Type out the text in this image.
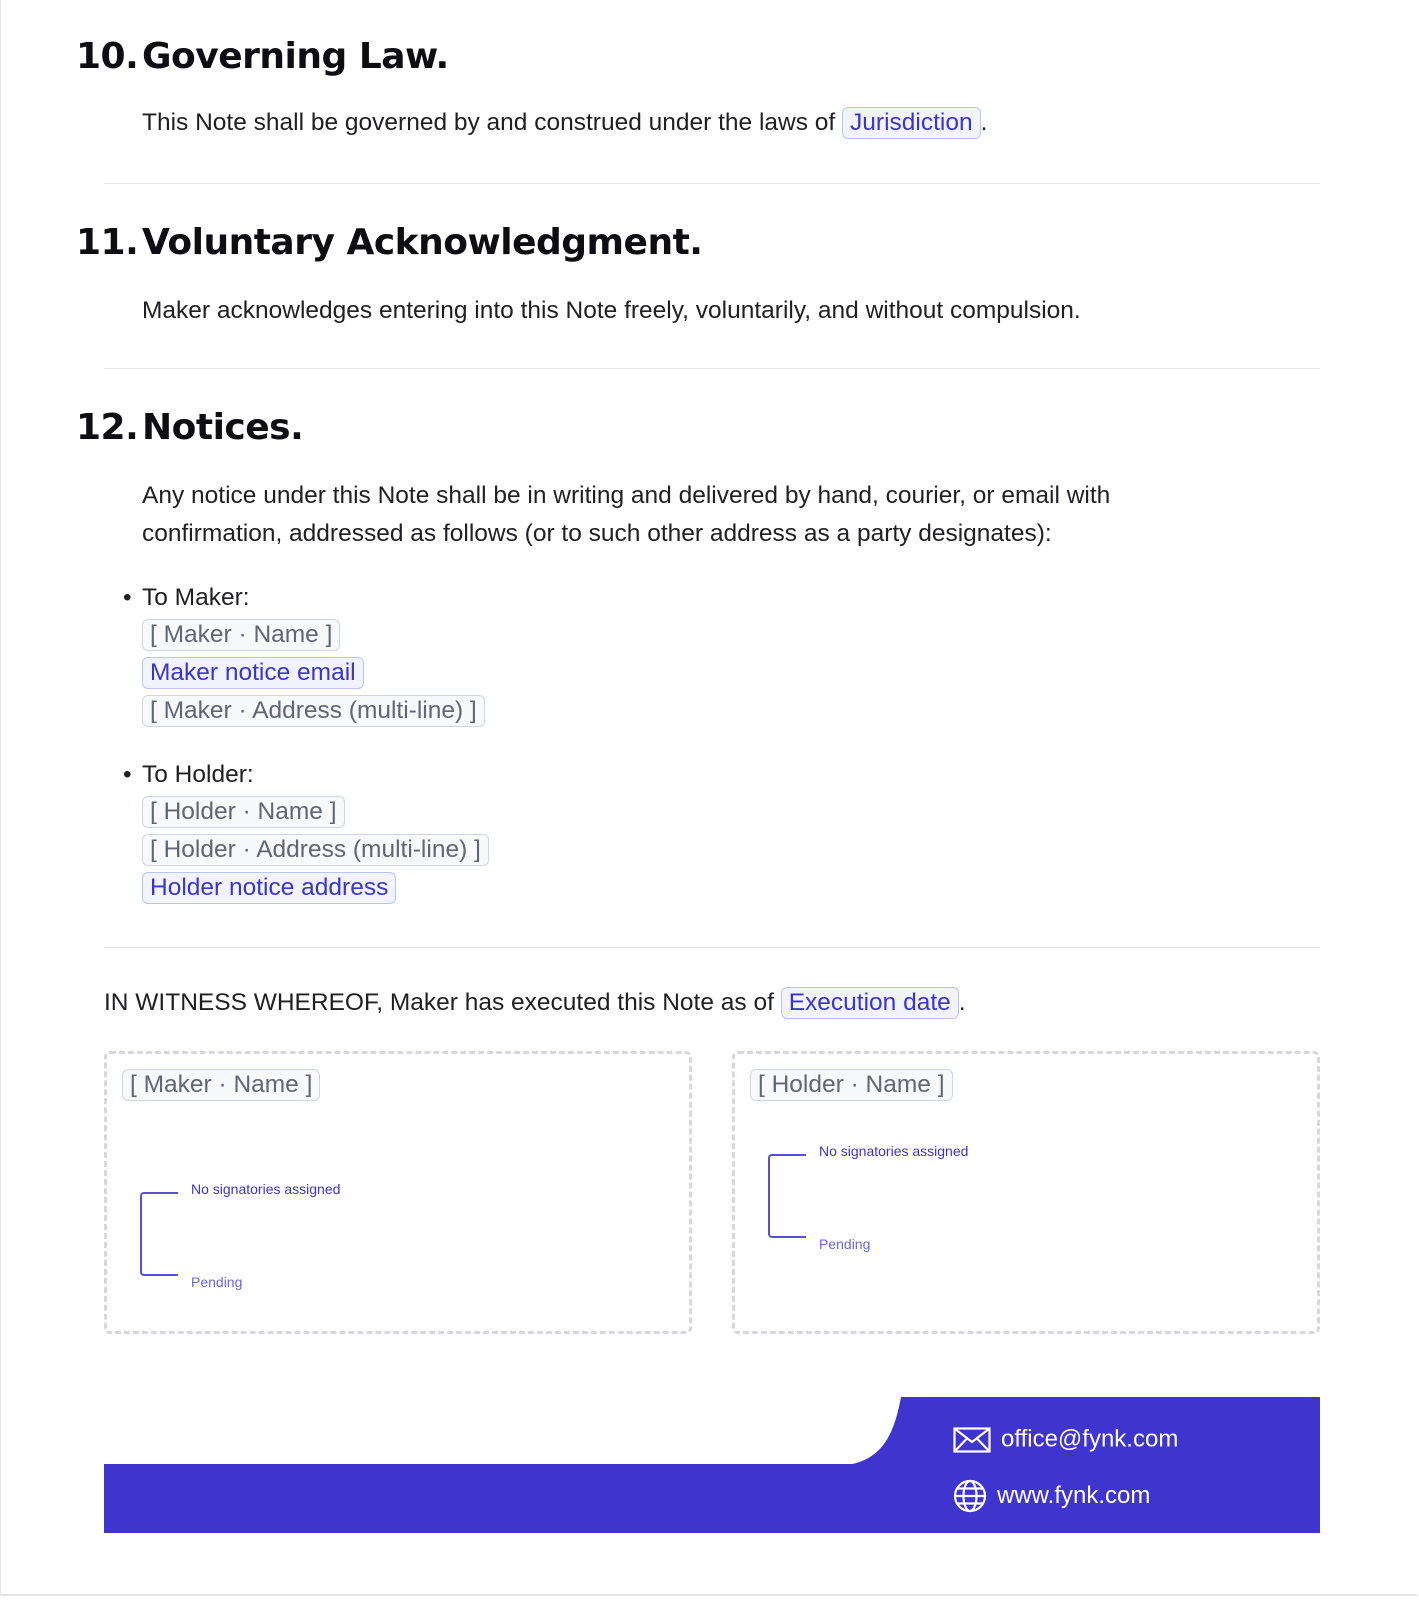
10. Governing Law.

This Note shall be governed by and construed under the laws of Jurisdiction .

11. Voluntary Acknowledgment.

Maker acknowledges entering into this Note freely, voluntarily, and without compulsion.

12. Notices.

Any notice under this Note shall be in writing and delivered by hand, courier, or email with

confirmation, addressed as follows (or to such other address as a party designates):

• To Maker:

[ Maker · Name ]
Maker notice email
[ Maker · Address (multi-line) ]

• To Holder:

[ Holder · Name ]
[ Holder · Address (multi-line) ]
Holder notice address

IN WITNESS WHEREOF, Maker has executed this Note as of Execution date .

[ Maker · Name ]
No signatories assigned
Pending
[ Holder · Name ]
No signatories assigned
Pending
office@fynk.com
www.fynk.com
